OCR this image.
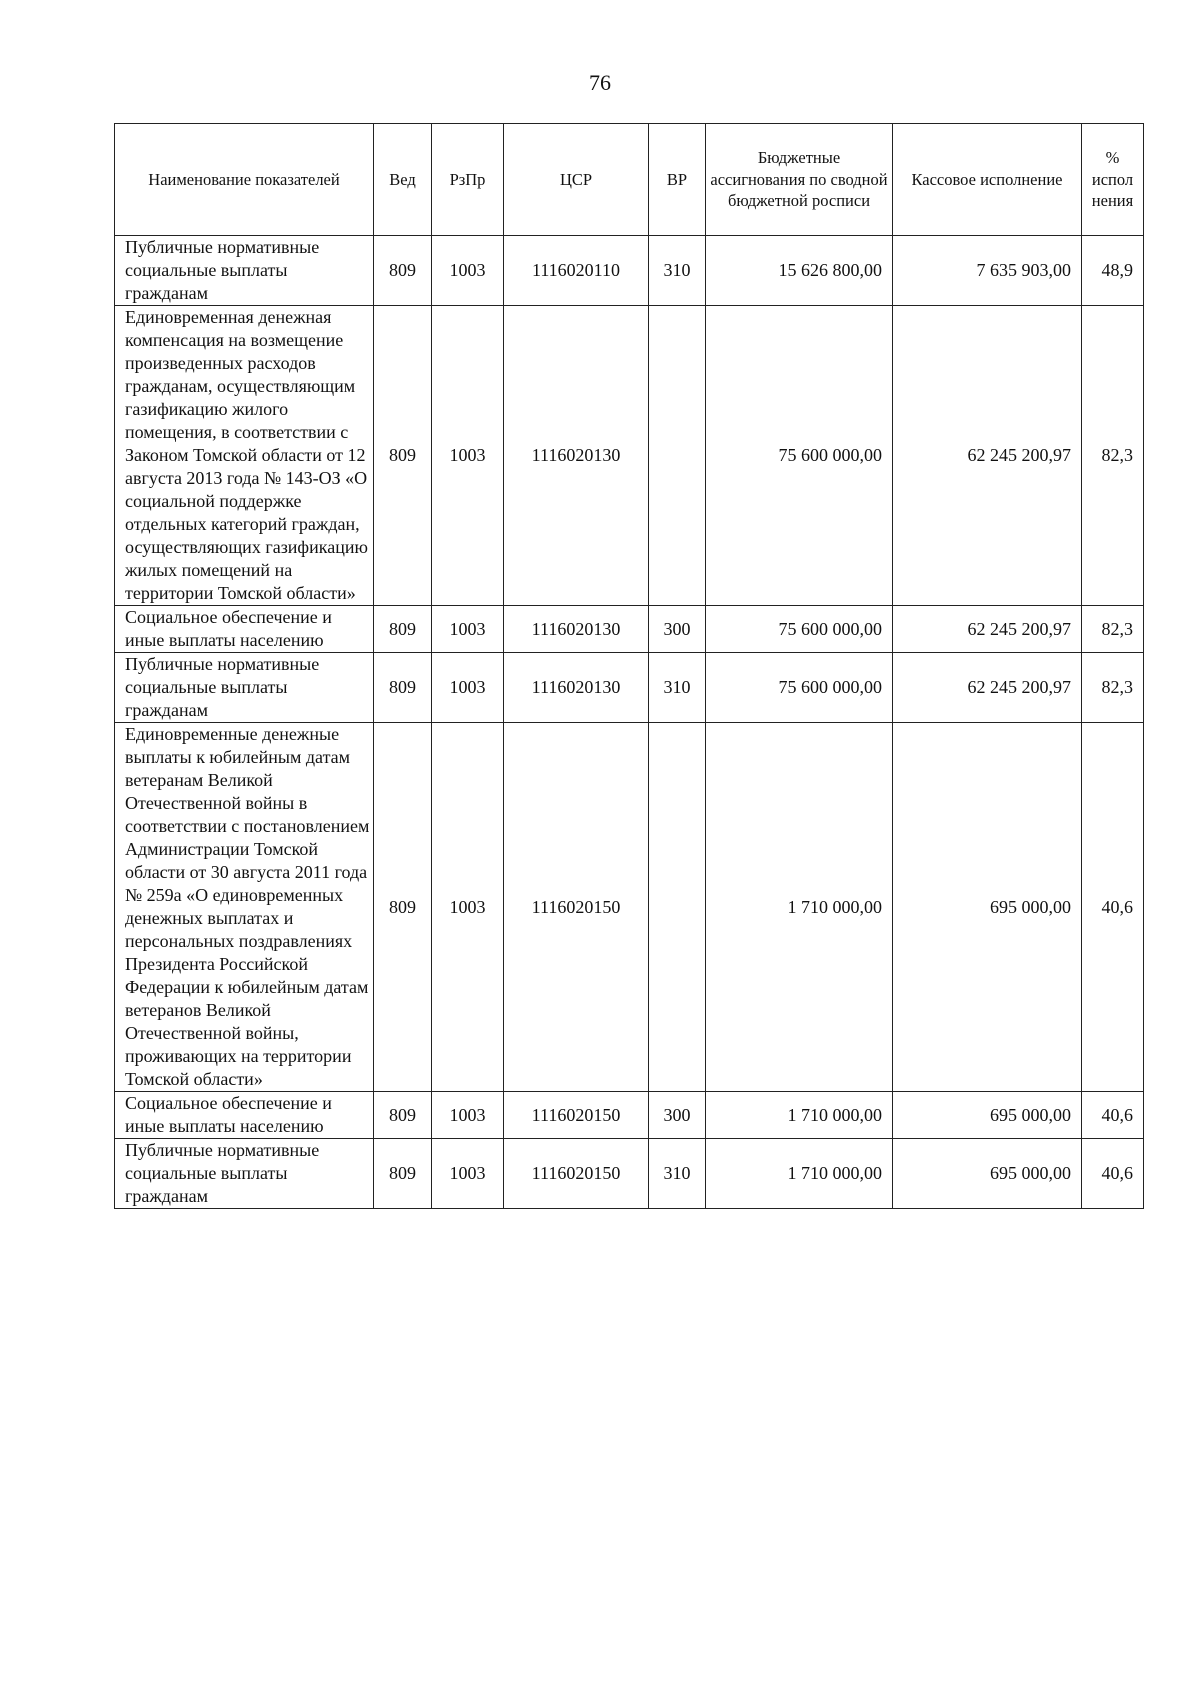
76
Наименование показателей	Вед	РзПр	ЦСР	ВР	Бюджетные ассигнования по сводной бюджетной росписи	Кассовое исполнение	% испол нения
Публичные нормативные социальные выплаты гражданам	809	1003	1116020110	310	15 626 800,00	7 635 903,00	48,9
Единовременная денежная компенсация на возмещение произведенных расходов гражданам, осуществляющим газификацию жилого помещения, в соответствии с Законом Томской области от 12 августа 2013 года № 143-ОЗ «О социальной поддержке отдельных категорий граждан, осуществляющих газификацию жилых помещений на территории Томской области»	809	1003	1116020130		75 600 000,00	62 245 200,97	82,3
Социальное обеспечение и иные выплаты населению	809	1003	1116020130	300	75 600 000,00	62 245 200,97	82,3
Публичные нормативные социальные выплаты гражданам	809	1003	1116020130	310	75 600 000,00	62 245 200,97	82,3
Единовременные денежные выплаты к юбилейным датам ветеранам Великой Отечественной войны в соответствии с постановлением Администрации Томской области от 30 августа 2011 года № 259а «О единовременных денежных выплатах и персональных поздравлениях Президента Российской Федерации к юбилейным датам ветеранов Великой Отечественной войны, проживающих на территории Томской области»	809	1003	1116020150		1 710 000,00	695 000,00	40,6
Социальное обеспечение и иные выплаты населению	809	1003	1116020150	300	1 710 000,00	695 000,00	40,6
Публичные нормативные социальные выплаты гражданам	809	1003	1116020150	310	1 710 000,00	695 000,00	40,6
